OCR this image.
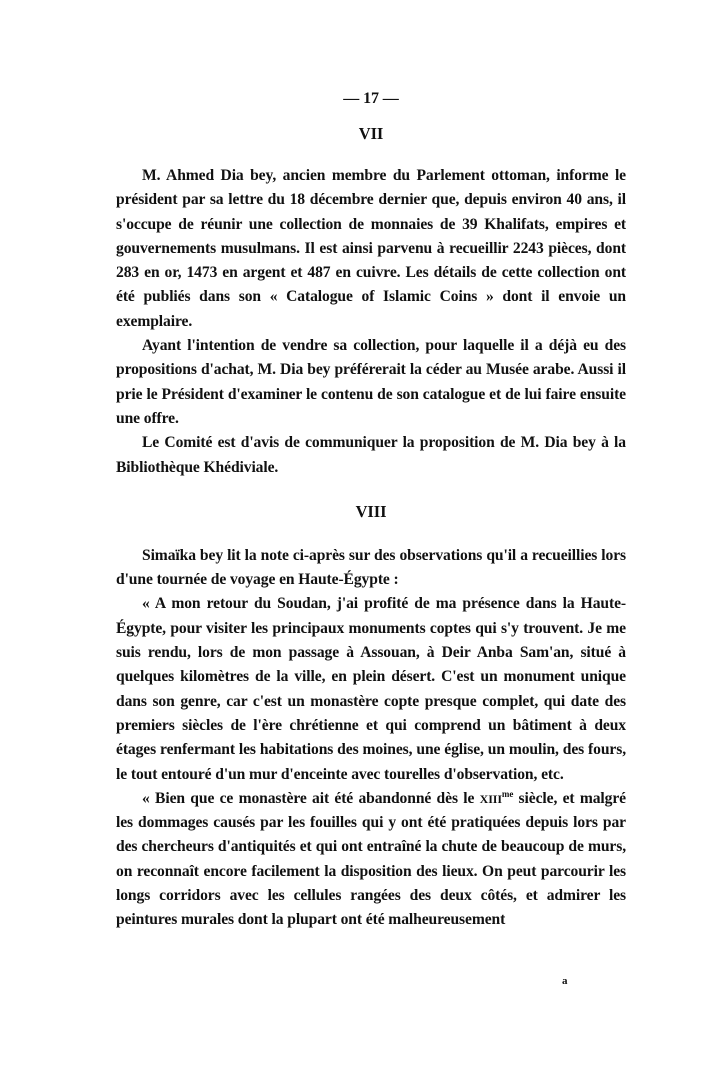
— 17 —
VII

M. Ahmed Dia bey, ancien membre du Parlement ottoman, informe le président par sa lettre du 18 décembre dernier que, depuis environ 40 ans, il s'occupe de réunir une collection de monnaies de 39 Khalifats, empires et gouvernements musulmans. Il est ainsi parvenu à recueillir 2243 pièces, dont 283 en or, 1473 en argent et 487 en cuivre. Les détails de cette collection ont été publiés dans son « Catalogue of Islamic Coins » dont il envoie un exemplaire.

Ayant l'intention de vendre sa collection, pour laquelle il a déjà eu des propositions d'achat, M. Dia bey préférerait la céder au Musée arabe. Aussi il prie le Président d'examiner le contenu de son catalogue et de lui faire ensuite une offre.

Le Comité est d'avis de communiquer la proposition de M. Dia bey à la Bibliothèque Khédiviale.

VIII

Simaïka bey lit la note ci-après sur des observations qu'il a recueillies lors d'une tournée de voyage en Haute-Égypte :

« A mon retour du Soudan, j'ai profité de ma présence dans la Haute-Égypte, pour visiter les principaux monuments coptes qui s'y trouvent. Je me suis rendu, lors de mon passage à Assouan, à Deir Anba Sam'an, situé à quelques kilomètres de la ville, en plein désert. C'est un monument unique dans son genre, car c'est un monastère copte presque complet, qui date des premiers siècles de l'ère chrétienne et qui comprend un bâtiment à deux étages renfermant les habitations des moines, une église, un moulin, des fours, le tout entouré d'un mur d'enceinte avec tourelles d'observation, etc.

« Bien que ce monastère ait été abandonné dès le $XIII^{me}$ siècle, et malgré les dommages causés par les fouilles qui y ont été pratiquées depuis lors par des chercheurs d'antiquités et qui ont entraîné la chute de beaucoup de murs, on reconnaît encore facilement la disposition des lieux. On peut parcourir les longs corridors avec les cellules rangées des deux côtés, et admirer les peintures murales dont la plupart ont été malheureusement

a
